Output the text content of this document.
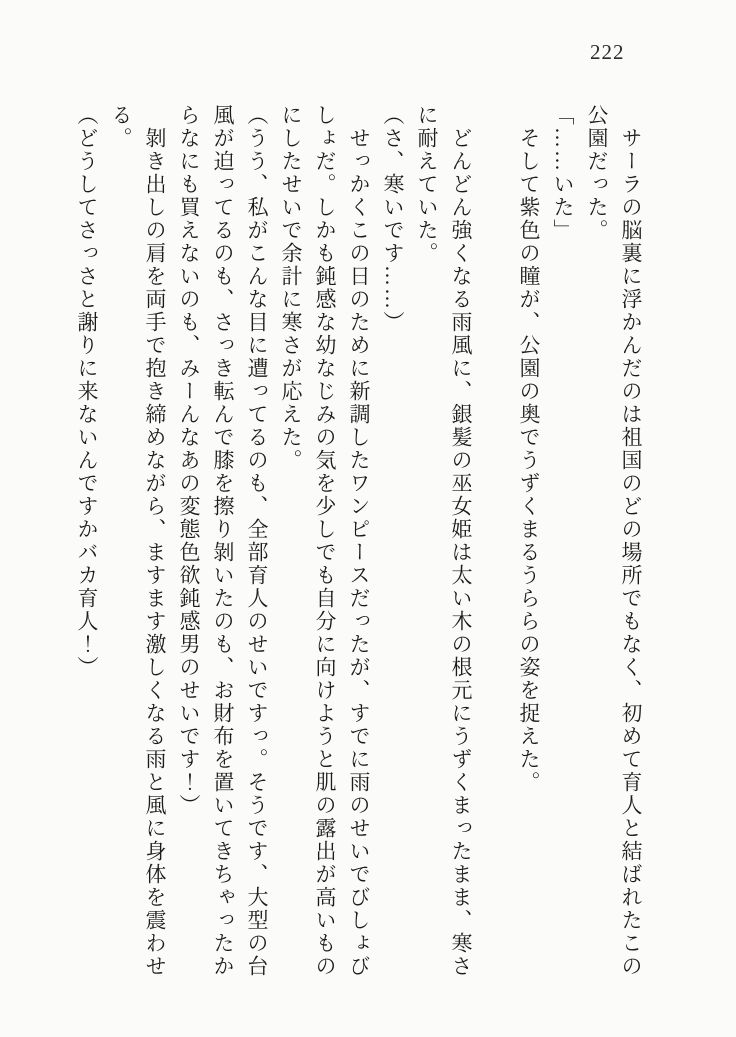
222

　サーラの脳裏に浮かんだのは祖国のどの場所でもなく、初めて育人と結ばれたこの

公園だった。

「……いた」

　そして紫色の瞳が、公園の奥でうずくまるうららの姿を捉えた。

　どんどん強くなる雨風に、銀髪の巫女姫は太い木の根元にうずくまったまま、寒さ

に耐えていた。

（さ、寒いです……）

　せっかくこの日のために新調したワンピースだったが、すでに雨のせいでびしょび

しょだ。しかも鈍感な幼なじみの気を少しでも自分に向けようと肌の露出が高いもの

にしたせいで余計に寒さが応えた。

（うう、私がこんな目に遭ってるのも、全部育人のせいですっ。そうです、大型の台

風が迫ってるのも、さっき転んで膝を擦り剝いたのも、お財布を置いてきちゃったか

らなにも買えないのも、みーんなあの変態色欲鈍感男のせいです！）

　剝き出しの肩を両手で抱き締めながら、ますます激しくなる雨と風に身体を震わせ

る。

（どうしてさっさと謝りに来ないんですかバカ育人！）
